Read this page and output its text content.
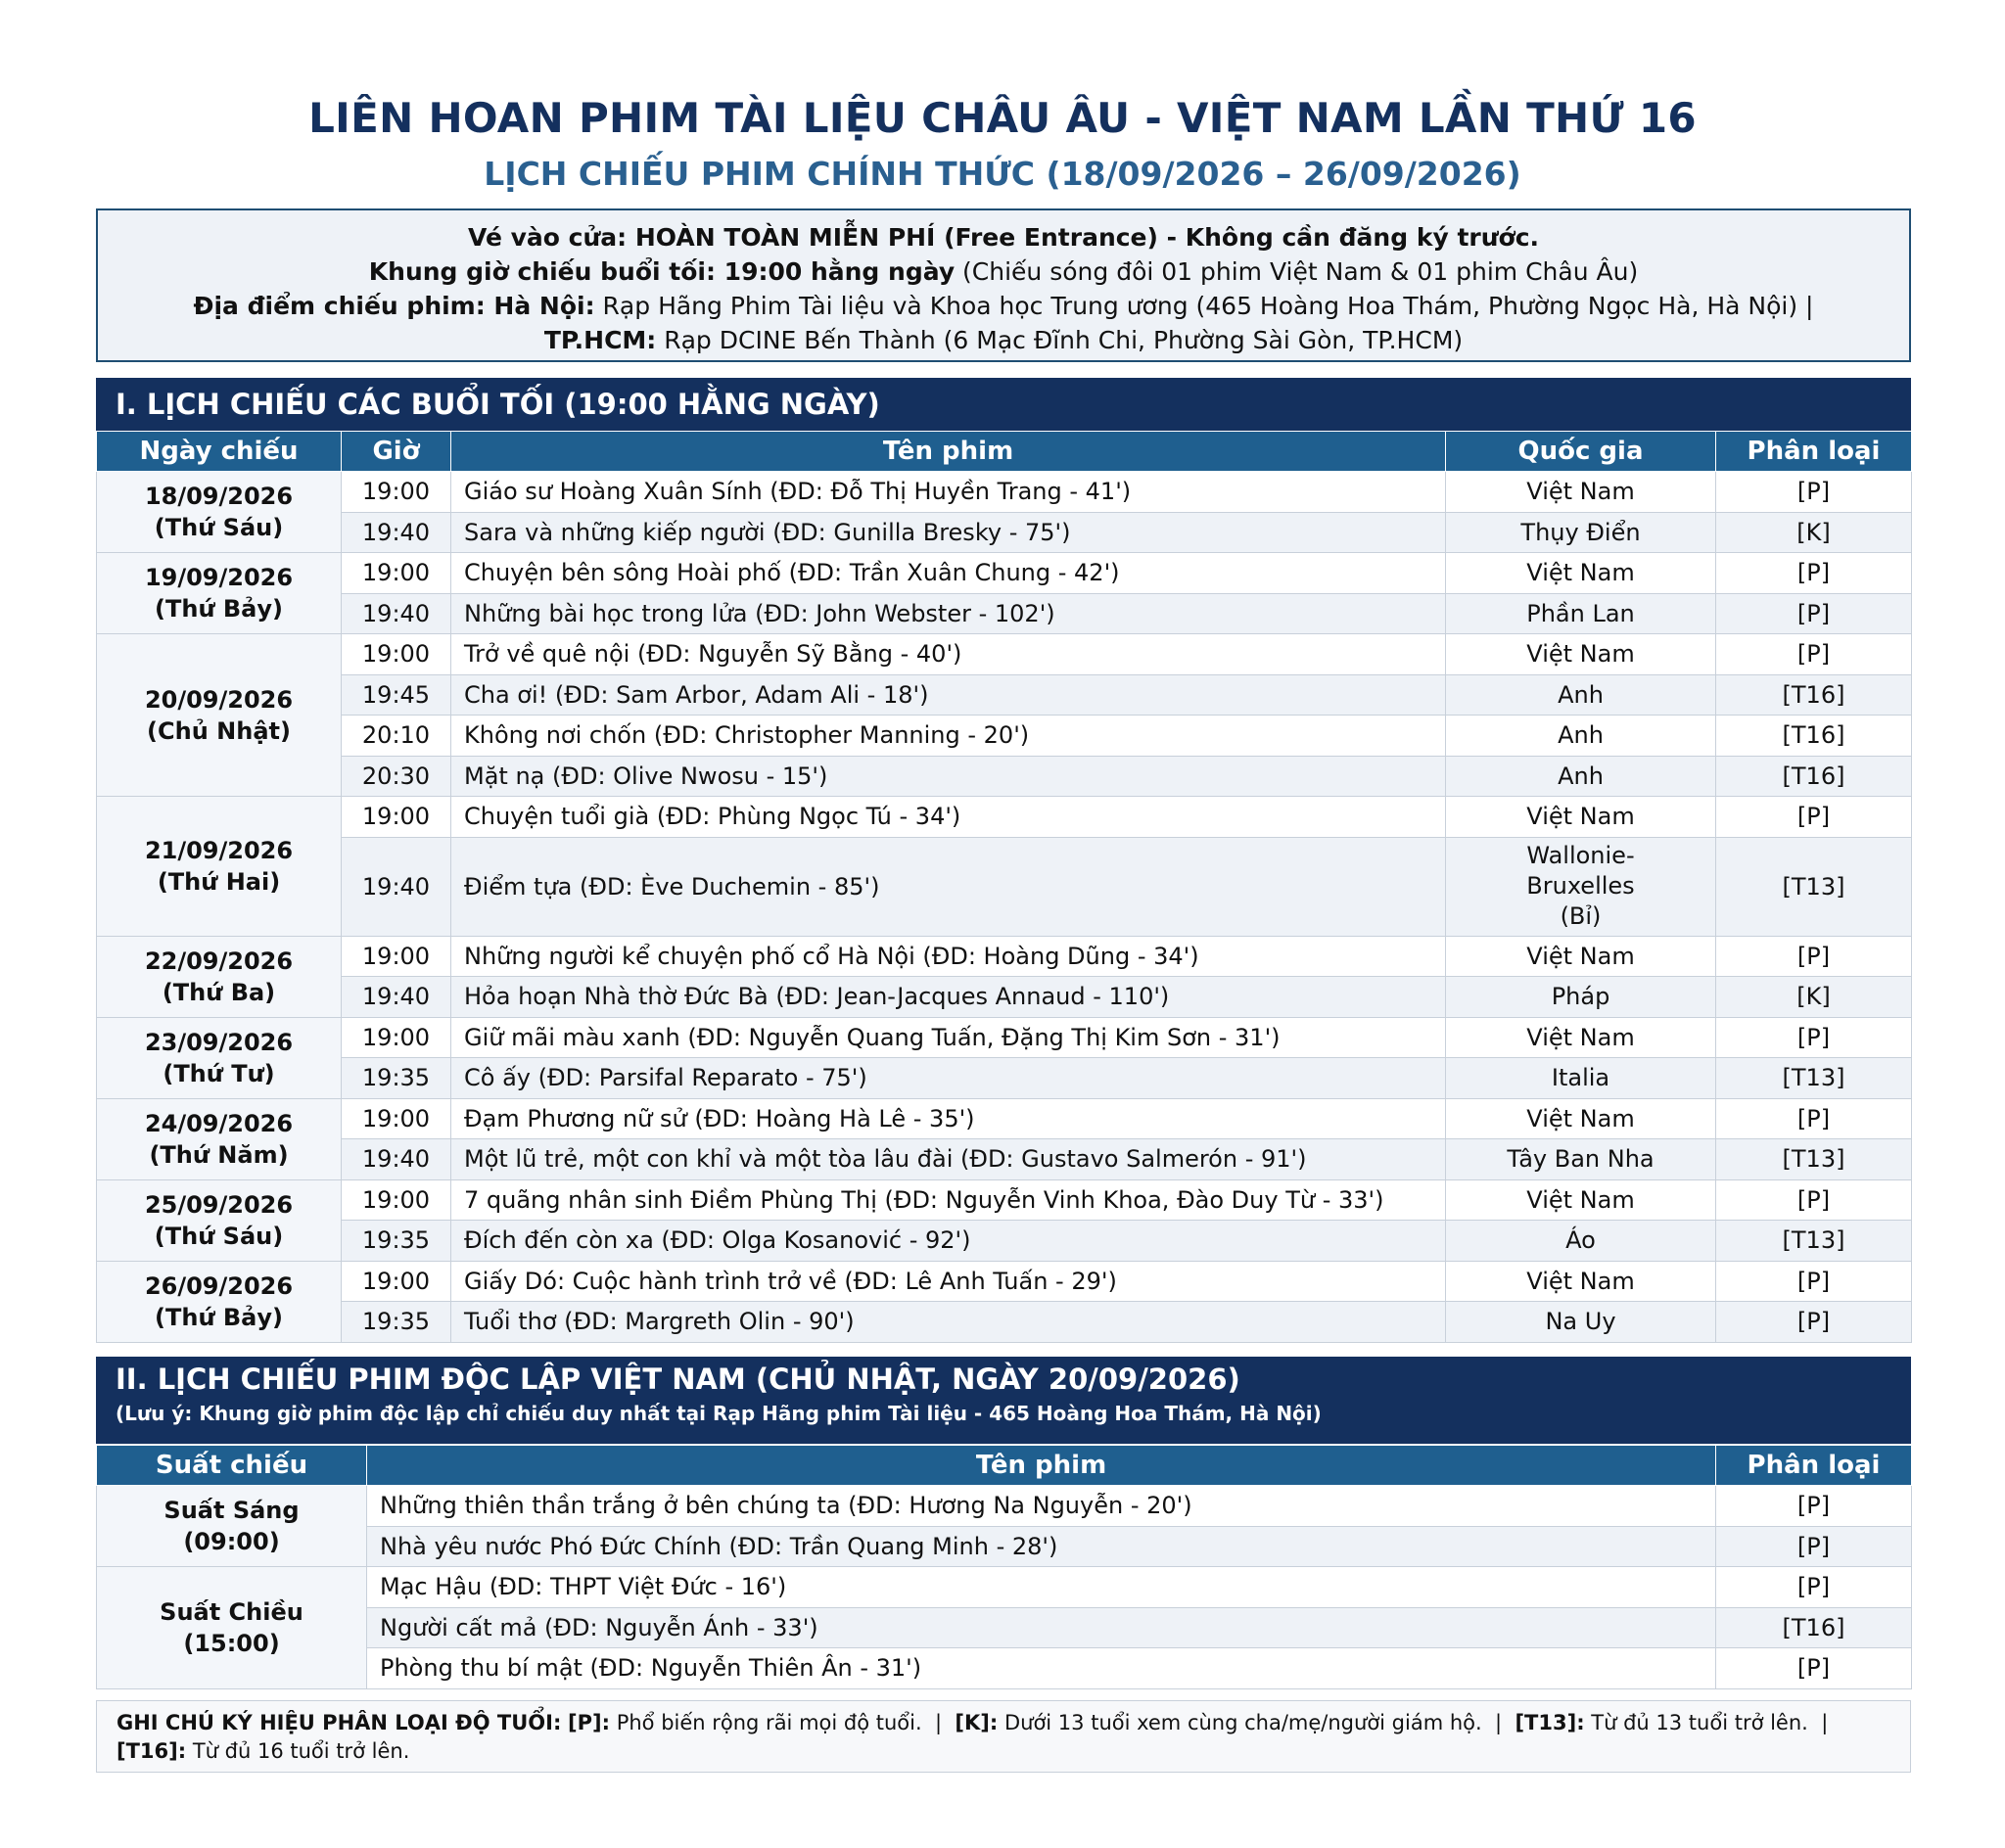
LIÊN HOAN PHIM TÀI LIỆU CHÂU ÂU - VIỆT NAM LẦN THỨ 16
LỊCH CHIẾU PHIM CHÍNH THỨC (18/09/2026 – 26/09/2026)
Vé vào cửa: HOÀN TOÀN MIỄN PHÍ (Free Entrance) - Không cần đăng ký trước.
Khung giờ chiếu buổi tối: 19:00 hằng ngày (Chiếu sóng đôi 01 phim Việt Nam & 01 phim Châu Âu)
Địa điểm chiếu phim: Hà Nội: Rạp Hãng Phim Tài liệu và Khoa học Trung ương (465 Hoàng Hoa Thám, Phường Ngọc Hà, Hà Nội) |
TP.HCM: Rạp DCINE Bến Thành (6 Mạc Đĩnh Chi, Phường Sài Gòn, TP.HCM)
I. LỊCH CHIẾU CÁC BUỔI TỐI (19:00 HẰNG NGÀY)
Ngày chiếu	Giờ	Tên phim	Quốc gia	Phân loại

18/09/2026
(Thứ Sáu)	19:00	Giáo sư Hoàng Xuân Sính (ĐD: Đỗ Thị Huyền Trang - 41')	Việt Nam	[P]
	19:40	Sara và những kiếp người (ĐD: Gunilla Bresky - 75')	Thụy Điển	[K]

19/09/2026
(Thứ Bảy)	19:00	Chuyện bên sông Hoài phố (ĐD: Trần Xuân Chung - 42')	Việt Nam	[P]
	19:40	Những bài học trong lửa (ĐD: John Webster - 102')	Phần Lan	[P]

20/09/2026
(Chủ Nhật)	19:00	Trở về quê nội (ĐD: Nguyễn Sỹ Bằng - 40')	Việt Nam	[P]
	19:45	Cha ơi! (ĐD: Sam Arbor, Adam Ali - 18')	Anh	[T16]
	20:10	Không nơi chốn (ĐD: Christopher Manning - 20')	Anh	[T16]
	20:30	Mặt nạ (ĐD: Olive Nwosu - 15')	Anh	[T16]

21/09/2026
(Thứ Hai)	19:00	Chuyện tuổi già (ĐD: Phùng Ngọc Tú - 34')	Việt Nam	[P]
	19:40	Điểm tựa (ĐD: Ève Duchemin - 85')	Wallonie-
Bruxelles
(Bỉ)	[T13]

22/09/2026
(Thứ Ba)	19:00	Những người kể chuyện phố cổ Hà Nội (ĐD: Hoàng Dũng - 34')	Việt Nam	[P]
	19:40	Hỏa hoạn Nhà thờ Đức Bà (ĐD: Jean-Jacques Annaud - 110')	Pháp	[K]

23/09/2026
(Thứ Tư)	19:00	Giữ mãi màu xanh (ĐD: Nguyễn Quang Tuấn, Đặng Thị Kim Sơn - 31')	Việt Nam	[P]
	19:35	Cô ấy (ĐD: Parsifal Reparato - 75')	Italia	[T13]

24/09/2026
(Thứ Năm)	19:00	Đạm Phương nữ sử (ĐD: Hoàng Hà Lê - 35')	Việt Nam	[P]
	19:40	Một lũ trẻ, một con khỉ và một tòa lâu đài (ĐD: Gustavo Salmerón - 91')	Tây Ban Nha	[T13]

25/09/2026
(Thứ Sáu)	19:00	7 quãng nhân sinh Điềm Phùng Thị (ĐD: Nguyễn Vinh Khoa, Đào Duy Từ - 33')	Việt Nam	[P]
	19:35	Đích đến còn xa (ĐD: Olga Kosanović - 92')	Áo	[T13]

26/09/2026
(Thứ Bảy)	19:00	Giấy Dó: Cuộc hành trình trở về (ĐD: Lê Anh Tuấn - 29')	Việt Nam	[P]
	19:35	Tuổi thơ (ĐD: Margreth Olin - 90')	Na Uy	[P]
II. LỊCH CHIẾU PHIM ĐỘC LẬP VIỆT NAM (CHỦ NHẬT, NGÀY 20/09/2026)
(Lưu ý: Khung giờ phim độc lập chỉ chiếu duy nhất tại Rạp Hãng phim Tài liệu - 465 Hoàng Hoa Thám, Hà Nội)
Suất chiếu	Tên phim	Phân loại

Suất Sáng
(09:00)	Những thiên thần trắng ở bên chúng ta (ĐD: Hương Na Nguyễn - 20')	[P]
	Nhà yêu nước Phó Đức Chính (ĐD: Trần Quang Minh - 28')	[P]

Suất Chiều
(15:00)	Mạc Hậu (ĐD: THPT Việt Đức - 16')	[P]
	Người cất mả (ĐD: Nguyễn Ánh - 33')	[T16]
	Phòng thu bí mật (ĐD: Nguyễn Thiên Ân - 31')	[P]
GHI CHÚ KÝ HIỆU PHÂN LOẠI ĐỘ TUỔI: [P]: Phổ biến rộng rãi mọi độ tuổi.  |  [K]: Dưới 13 tuổi xem cùng cha/mẹ/người giám hộ.  |  [T13]: Từ đủ 13 tuổi trở lên.  |  [T16]: Từ đủ 16 tuổi trở lên.
